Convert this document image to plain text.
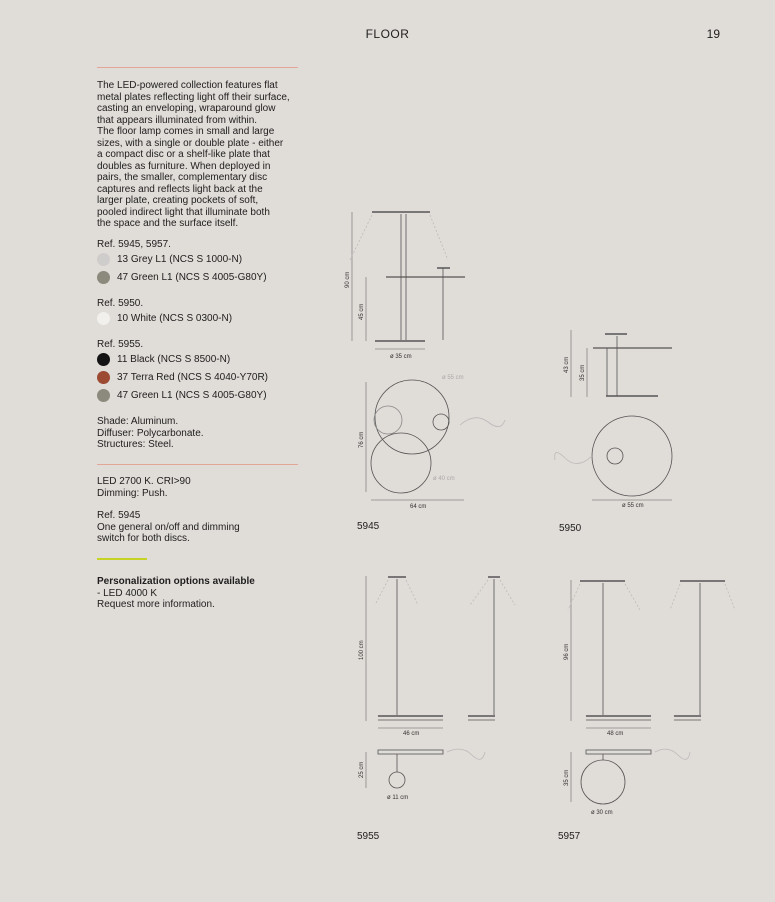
FLOOR	19
The LED-powered collection features flat
metal plates reflecting light off their surface,
casting an enveloping, wraparound glow
that appears illuminated from within.
The floor lamp comes in small and large
sizes, with a single or double plate - either
a compact disc or a shelf-like plate that
doubles as furniture. When deployed in
pairs, the smaller, complementary disc
captures and reflects light back at the
larger plate, creating pockets of soft,
pooled indirect light that illuminate both
the space and the surface itself.
Ref. 5945, 5957.
13 Grey L1 (NCS S 1000-N)
47 Green L1 (NCS S 4005-G80Y)
Ref. 5950.
10 White (NCS S 0300-N)
Ref. 5955.
11 Black (NCS S 8500-N)
37 Terra Red (NCS S 4040-Y70R)
47 Green L1 (NCS S 4005-G80Y)
Shade: Aluminum.
Diffuser: Polycarbonate.
Structures: Steel.
LED 2700 K. CRI>90
Dimming: Push.
Ref. 5945
One general on/off and dimming
switch for both discs.
Personalization options available
- LED 4000 K
Request more information.
90 cm
45 cm
ø 35 cm
76 cm
ø 55 cm
ø 40 cm
64 cm
43 cm 35 cm
ø 55 cm
100 cm
46 cm
25 cm
ø 11 cm
96 cm
48 cm
35 cm
ø 30 cm
5945	5950
5955	5957
